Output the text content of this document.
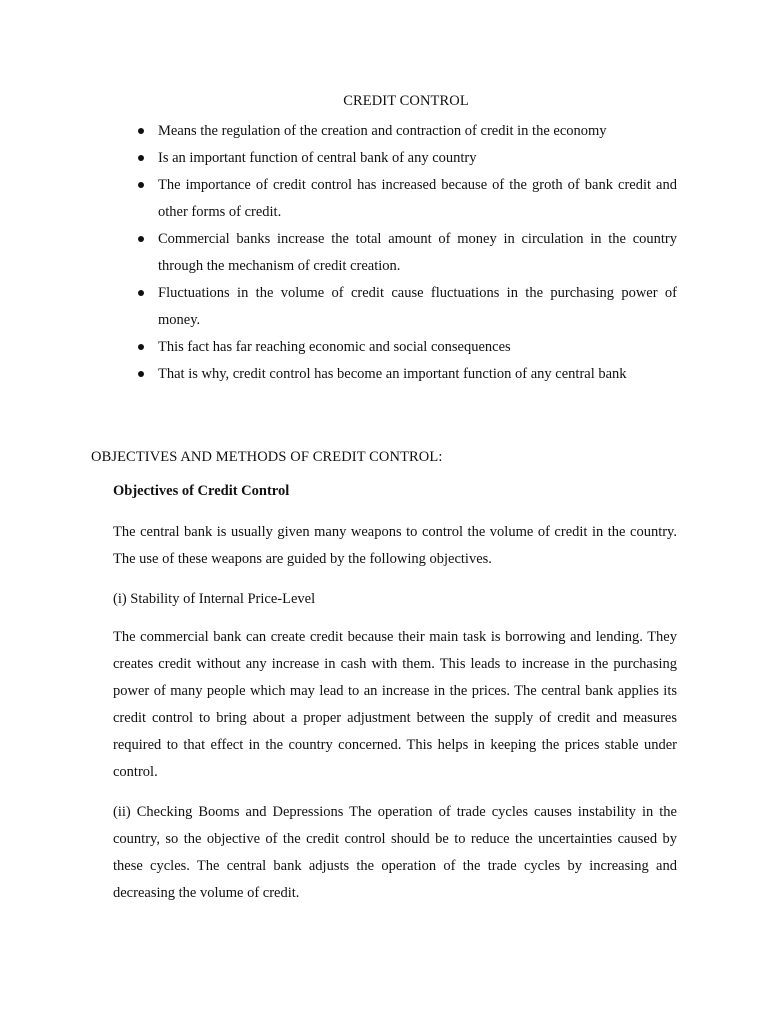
CREDIT CONTROL
Means the regulation of the creation and contraction of credit in the economy
Is an important function of central bank of any country
The importance of credit control has increased because of the groth of bank credit and other forms of credit.
Commercial banks increase the total amount of money in circulation in the country through the mechanism of credit creation.
Fluctuations in the volume of credit cause fluctuations in the purchasing power of money.
This fact has far reaching economic and social consequences
That is why, credit control has become an important function of any central bank
OBJECTIVES AND METHODS OF CREDIT CONTROL:
Objectives of Credit Control

The central bank is usually given many weapons to control the volume of credit in the country. The use of these weapons are guided by the following objectives.

(i) Stability of Internal Price-Level

The commercial bank can create credit because their main task is borrowing and lending. They creates credit without any increase in cash with them. This leads to increase in the purchasing power of many people which may lead to an increase in the prices. The central bank applies its credit control to bring about a proper adjustment between the supply of credit and measures required to that effect in the country concerned. This helps in keeping the prices stable under control.

(ii) Checking Booms and Depressions The operation of trade cycles causes instability in the country, so the objective of the credit control should be to reduce the uncertainties caused by these cycles. The central bank adjusts the operation of the trade cycles by increasing and decreasing the volume of credit.
